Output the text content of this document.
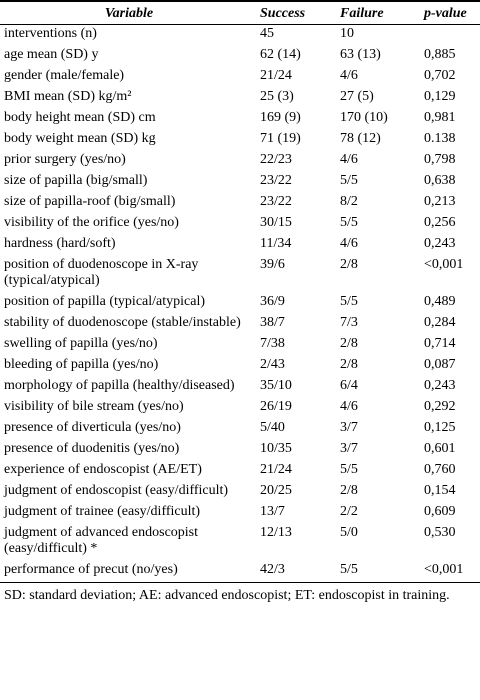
Variable	Success	Failure	p-value
interventions (n)	45	10	
age mean (SD) y	62 (14)	63 (13)	0,885
gender (male/female)	21/24	4/6	0,702
BMI mean (SD) kg/m²	25 (3)	27 (5)	0,129
body height mean (SD) cm	169 (9)	170 (10)	0,981
body weight mean (SD) kg	71 (19)	78 (12)	0.138
prior surgery (yes/no)	22/23	4/6	0,798
size of papilla (big/small)	23/22	5/5	0,638
size of papilla-roof (big/small)	23/22	8/2	0,213
visibility of the orifice (yes/no)	30/15	5/5	0,256
hardness (hard/soft)	11/34	4/6	0,243
position of duodenoscope in X-ray (typical/atypical)	39/6	2/8	<0,001
position of papilla (typical/atypical)	36/9	5/5	0,489
stability of duodenoscope (stable/instable)	38/7	7/3	0,284
swelling of papilla (yes/no)	7/38	2/8	0,714
bleeding of papilla (yes/no)	2/43	2/8	0,087
morphology of papilla (healthy/diseased)	35/10	6/4	0,243
visibility of bile stream (yes/no)	26/19	4/6	0,292
presence of diverticula (yes/no)	5/40	3/7	0,125
presence of duodenitis (yes/no)	10/35	3/7	0,601
experience of endoscopist (AE/ET)	21/24	5/5	0,760
judgment of endoscopist (easy/difficult)	20/25	2/8	0,154
judgment of trainee (easy/difficult)	13/7	2/2	0,609
judgment of advanced endoscopist (easy/difficult) *	12/13	5/0	0,530
performance of precut (no/yes)	42/3	5/5	<0,001
SD: standard deviation; AE: advanced endoscopist; ET: endoscopist in training.
